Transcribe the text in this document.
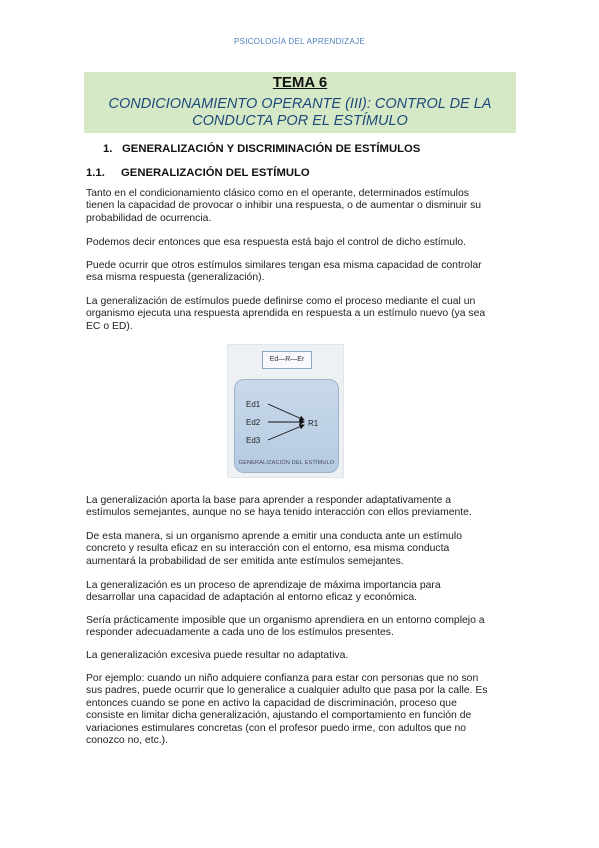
PSICOLOGÍA DEL APRENDIZAJE
TEMA 6
CONDICIONAMIENTO OPERANTE (III): CONTROL DE LA
CONDUCTA POR EL ESTÍMULO
1. GENERALIZACIÓN Y DISCRIMINACIÓN DE ESTÍMULOS
1.1. GENERALIZACIÓN DEL ESTÍMULO
Tanto en el condicionamiento clásico como en el operante, determinados estímulos
tienen la capacidad de provocar o inhibir una respuesta, o de aumentar o disminuir su
probabilidad de ocurrencia.
Podemos decir entonces que esa respuesta está bajo el control de dicho estímulo.
Puede ocurrir que otros estímulos similares tengan esa misma capacidad de controlar
esa misma respuesta (generalización).
La generalización de estímulos puede definirse como el proceso mediante el cual un
organismo ejecuta una respuesta aprendida en respuesta a un estímulo nuevo (ya sea
EC o ED).
Ed—R—Er
Ed1
Ed2
Ed3
R1
GENERALIZACIÓN DEL ESTÍMULO
La generalización aporta la base para aprender a responder adaptativamente a
estímulos semejantes, aunque no se haya tenido interacción con ellos previamente.
De esta manera, si un organismo aprende a emitir una conducta ante un estímulo
concreto y resulta eficaz en su interacción con el entorno, esa misma conducta
aumentará la probabilidad de ser emitida ante estímulos semejantes.
La generalización es un proceso de aprendizaje de máxima importancia para
desarrollar una capacidad de adaptación al entorno eficaz y económica.
Sería prácticamente imposible que un organismo aprendiera en un entorno complejo a
responder adecuadamente a cada uno de los estímulos presentes.
La generalización excesiva puede resultar no adaptativa.
Por ejemplo: cuando un niño adquiere confianza para estar con personas que no son
sus padres, puede ocurrir que lo generalice a cualquier adulto que pasa por la calle. Es
entonces cuando se pone en activo la capacidad de discriminación, proceso que
consiste en limitar dicha generalización, ajustando el comportamiento en función de
variaciones estimulares concretas (con el profesor puedo irme, con adultos que no
conozco no, etc.).
